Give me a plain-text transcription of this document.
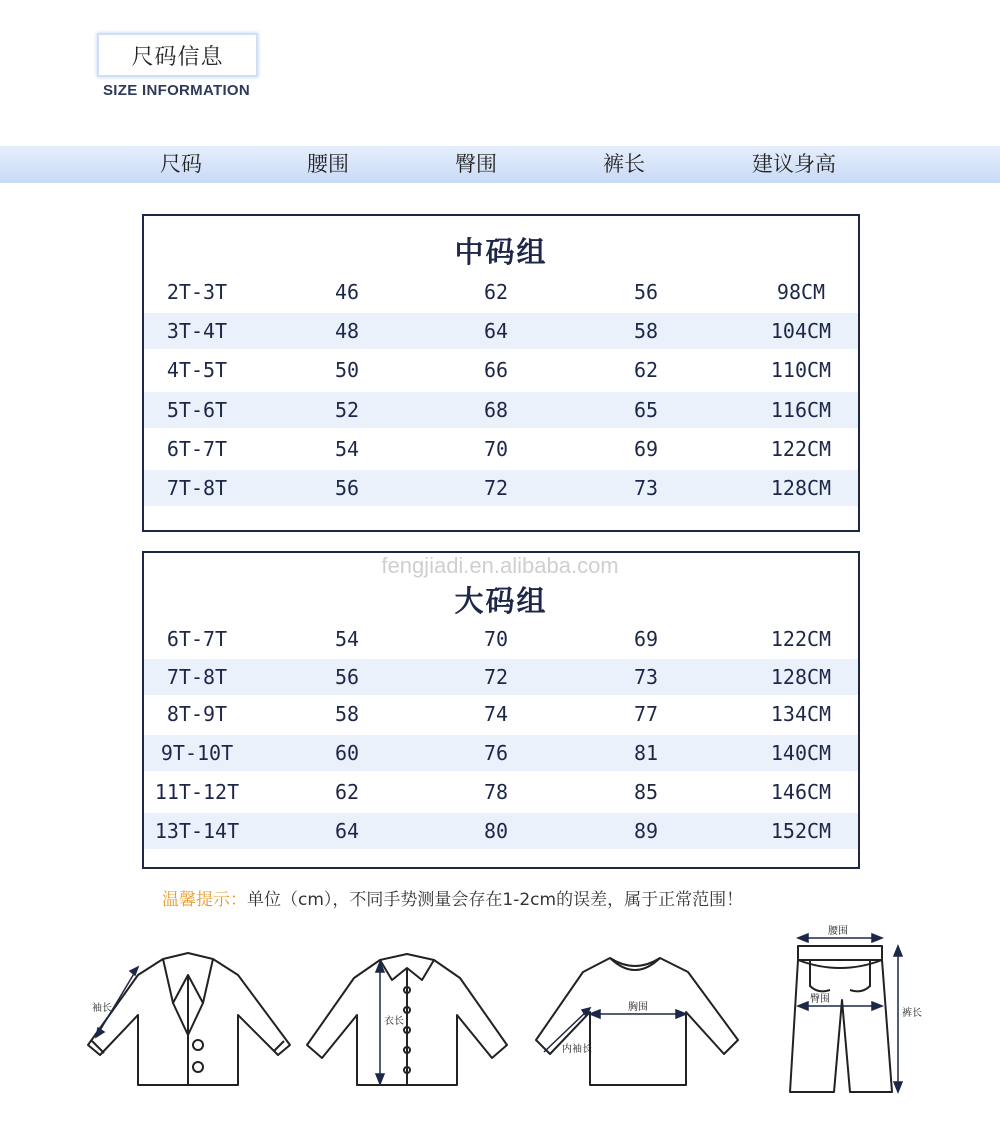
尺码信息
SIZE INFORMATION
尺码	腰围	臀围	裤长	建议身高
中码组
2T-3T	46	62	56	98CM
3T-4T	48	64	58	104CM
4T-5T	50	66	62	110CM
5T-6T	52	68	65	116CM
6T-7T	54	70	69	122CM
7T-8T	56	72	73	128CM
大码组
6T-7T	54	70	69	122CM
7T-8T	56	72	73	128CM
8T-9T	58	74	77	134CM
9T-10T	60	76	81	140CM
11T-12T	62	78	85	146CM
13T-14T	64	80	89	152CM
fengjiadi.en.alibaba.com
温馨提示：单位（cm），不同手势测量会存在1-2cm的误差，属于正常范围！
袖长
衣长
胸围
内袖长
腰围
臀围
裤长
